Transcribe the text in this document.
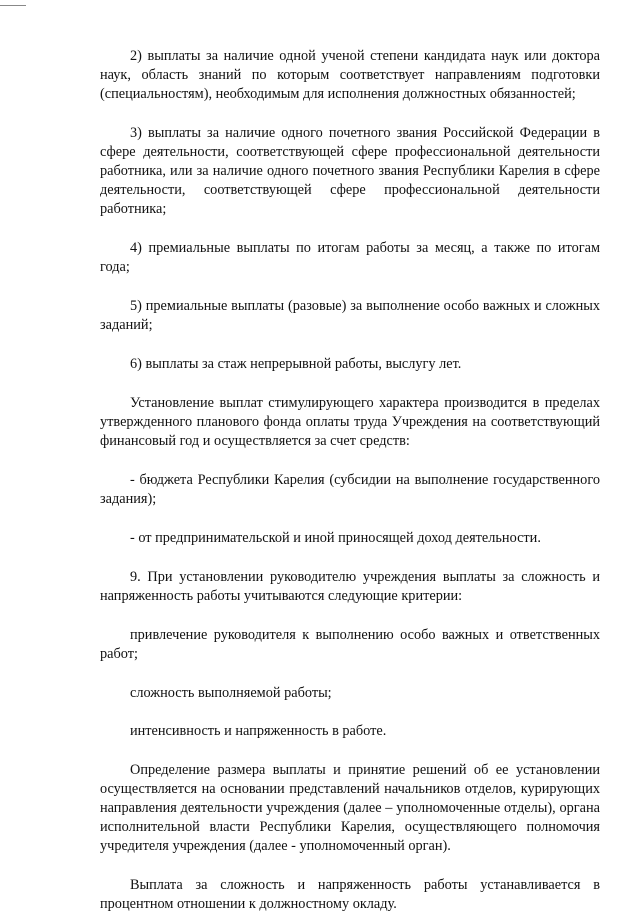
2) выплаты за наличие одной ученой степени кандидата наук или доктора наук, область знаний по которым соответствует направлениям подготовки (специальностям), необходимым для исполнения должностных обязанностей;

3) выплаты за наличие одного почетного звания Российской Федерации в сфере деятельности, соответствующей сфере профессиональной деятельности работника, или за наличие одного почетного звания Республики Карелия в сфере деятельности, соответствующей сфере профессиональной деятельности работника;

4) премиальные выплаты по итогам работы за месяц, а также по итогам года;

5) премиальные выплаты (разовые) за выполнение особо важных и сложных заданий;

6) выплаты за стаж непрерывной работы, выслугу лет.

Установление выплат стимулирующего характера производится в пределах утвержденного планового фонда оплаты труда Учреждения на соответствующий финансовый год и осуществляется за счет средств:

- бюджета Республики Карелия (субсидии на выполнение государственного задания);

- от предпринимательской и иной приносящей доход деятельности.

9. При установлении руководителю учреждения выплаты за сложность и напряженность работы учитываются следующие критерии:

привлечение руководителя к выполнению особо важных и ответственных работ;

сложность выполняемой работы;

интенсивность и напряженность в работе.

Определение размера выплаты и принятие решений об ее установлении осуществляется на основании представлений начальников отделов, курирующих направления деятельности учреждения (далее – уполномоченные отделы), органа исполнительной власти Республики Карелия, осуществляющего полномочия учредителя учреждения (далее - уполномоченный орган).

Выплата за сложность и напряженность работы устанавливается в процентном отношении к должностному окладу.
